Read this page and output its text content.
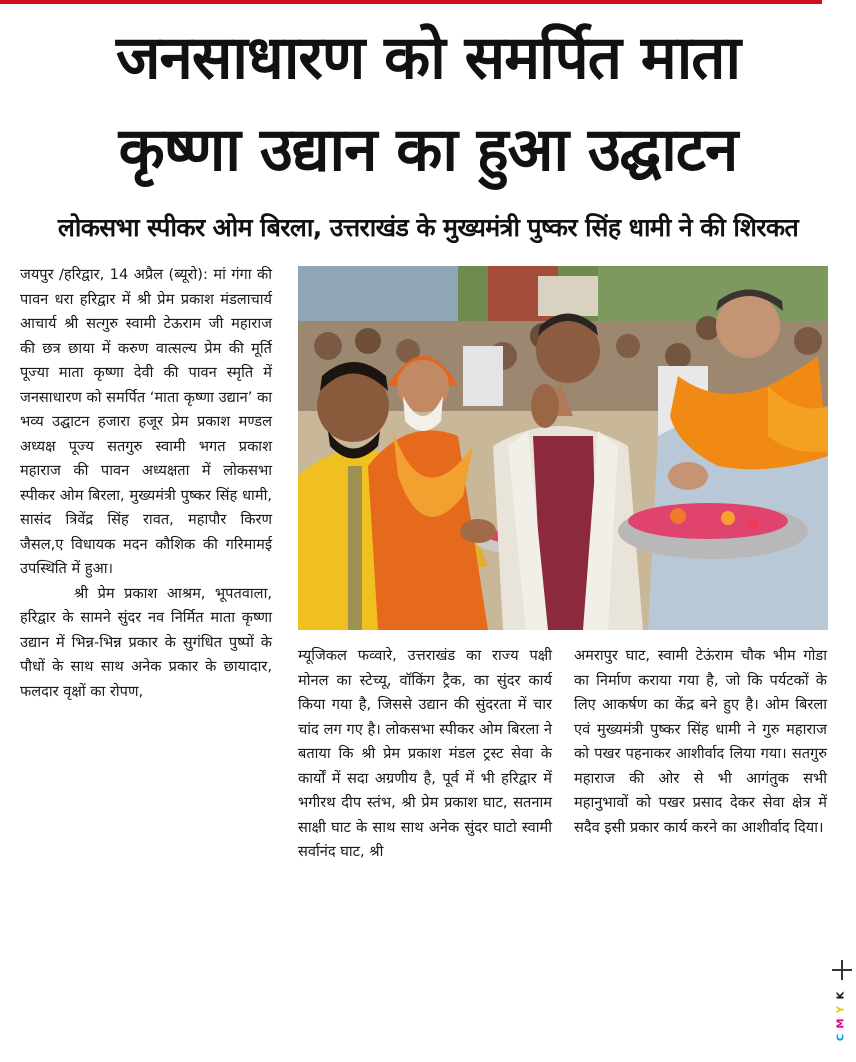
जनसाधारण को समर्पित माता
कृष्णा उद्यान का हुआ उद्घाटन
लोकसभा स्पीकर ओम बिरला, उत्तराखंड के मुख्यमंत्री पुष्कर सिंह धामी ने की शिरकत

जयपुर /हरिद्वार, 14 अप्रैल (ब्यूरो): मां गंगा की पावन धरा हरिद्वार में श्री प्रेम प्रकाश मंडलाचार्य आचार्य श्री सत्गुरु स्वामी टेऊराम जी महाराज की छत्र छाया में करुण वात्सल्य प्रेम की मूर्ति पूज्या माता कृष्णा देवी की पावन स्मृति में जनसाधारण को समर्पित ‘माता कृष्णा उद्यान’ का भव्य उद्घाटन हजारा हजूर प्रेम प्रकाश मण्डल अध्यक्ष पूज्य सतगुरु स्वामी भगत प्रकाश महाराज की पावन अध्यक्षता में लोकसभा स्पीकर ओम बिरला, मुख्यमंत्री पुष्कर सिंह धामी, सासंद त्रिवेंद्र सिंह रावत, महापौर किरण जैसल,ए विधायक मदन कौशिक की गरिमामई उपस्थिति में हुआ।

श्री प्रेम प्रकाश आश्रम, भूपतवाला, हरिद्वार के सामने सुंदर नव निर्मित माता कृष्णा उद्यान में भिन्न-भिन्न प्रकार के सुगंधित पुष्पों के पौधों के साथ साथ अनेक प्रकार के छायादार, फलदार वृक्षों का रोपण,

म्यूजिकल फव्वारे, उत्तराखंड का राज्य पक्षी मोनल का स्टेच्यू, वॉकिंग ट्रैक, का सुंदर कार्य किया गया है, जिससे उद्यान की सुंदरता में चार चांद लग गए है। लोकसभा स्पीकर ओम बिरला ने बताया कि श्री प्रेम प्रकाश मंडल ट्रस्ट सेवा के कार्यों में सदा अग्रणीय है, पूर्व में भी हरिद्वार में भगीरथ दीप स्तंभ, श्री प्रेम प्रकाश घाट, सतनाम साक्षी घाट के साथ साथ अनेक सुंदर घाटो स्वामी सर्वानंद घाट, श्री

अमरापुर घाट, स्वामी टेऊंराम चौक भीम गोडा का निर्माण कराया गया है, जो कि पर्यटकों के लिए आकर्षण का केंद्र बने हुए है। ओम बिरला एवं मुख्यमंत्री पुष्कर सिंह धामी ने गुरु महाराज को पखर पहनाकर आशीर्वाद लिया गया। सतगुरु महाराज की ओर से भी आगंतुक सभी महानुभावों को पखर प्रसाद देकर सेवा क्षेत्र में सदैव इसी प्रकार कार्य करने का आशीर्वाद दिया।

C
M
Y
K
